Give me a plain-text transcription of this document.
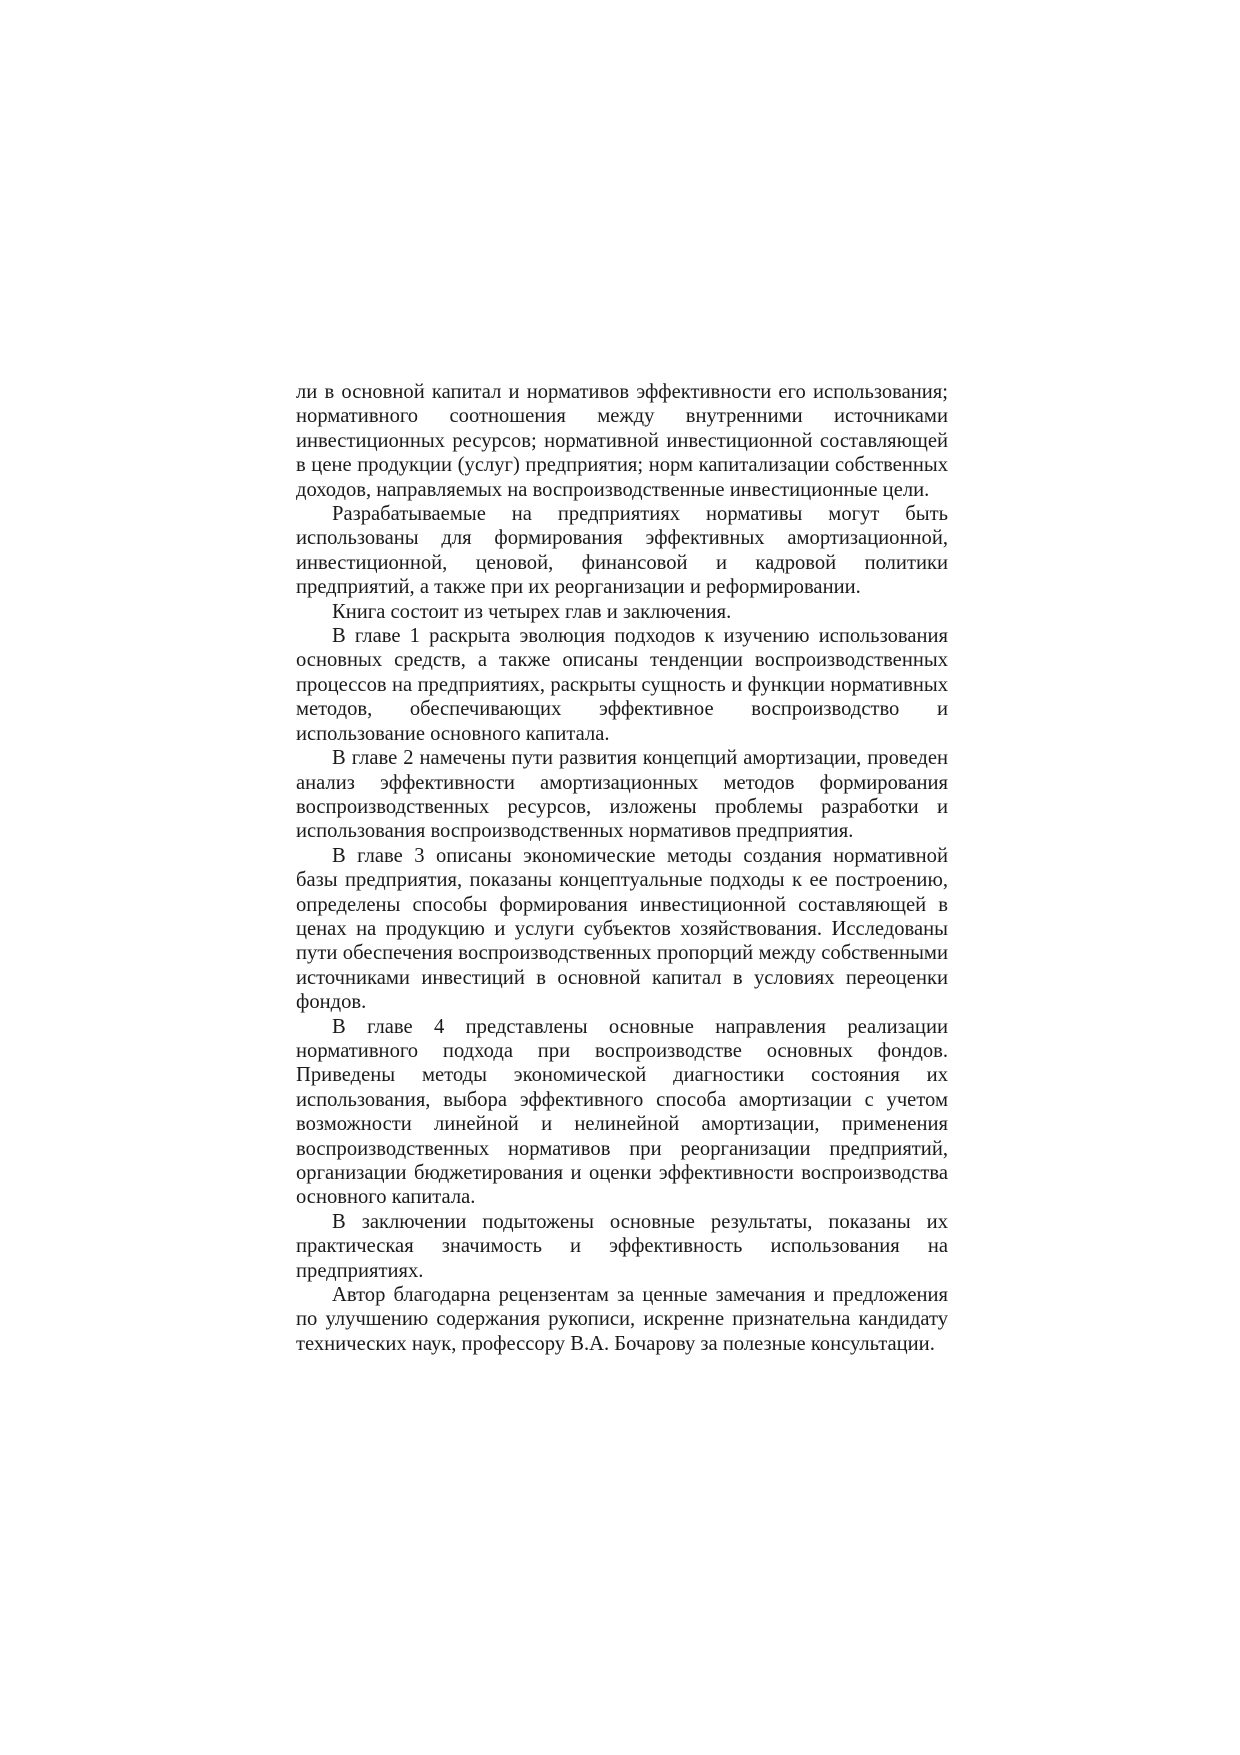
ли в основной капитал и нормативов эффективности его использования; нормативного соотношения между внутренними источниками инвестиционных ресурсов; нормативной инвестиционной составляющей в цене продукции (услуг) предприятия; норм капитализации собственных доходов, направляемых на воспроизводственные инвестиционные цели.

Разрабатываемые на предприятиях нормативы могут быть использованы для формирования эффективных амортизационной, инвестиционной, ценовой, финансовой и кадровой политики предприятий, а также при их реорганизации и реформировании.

Книга состоит из четырех глав и заключения.

В главе 1 раскрыта эволюция подходов к изучению использования основных средств, а также описаны тенденции воспроизводственных процессов на предприятиях, раскрыты сущность и функции нормативных методов, обеспечивающих эффективное воспроизводство и использование основного капитала.

В главе 2 намечены пути развития концепций амортизации, проведен анализ эффективности амортизационных методов формирования воспроизводственных ресурсов, изложены проблемы разработки и использования воспроизводственных нормативов предприятия.

В главе 3 описаны экономические методы создания нормативной базы предприятия, показаны концептуальные подходы к ее построению, определены способы формирования инвестиционной составляющей в ценах на продукцию и услуги субъектов хозяйствования. Исследованы пути обеспечения воспроизводственных пропорций между собственными источниками инвестиций в основной капитал в условиях переоценки фондов.

В главе 4 представлены основные направления реализации нормативного подхода при воспроизводстве основных фондов. Приведены методы экономической диагностики состояния их использования, выбора эффективного способа амортизации с учетом возможности линейной и нелинейной амортизации, применения воспроизводственных нормативов при реорганизации предприятий, организации бюджетирования и оценки эффективности воспроизводства основного капитала.

В заключении подытожены основные результаты, показаны их практическая значимость и эффективность использования на предприятиях.

Автор благодарна рецензентам за ценные замечания и предложения по улучшению содержания рукописи, искренне признательна кандидату технических наук, профессору В.А. Бочарову за полезные консультации.
